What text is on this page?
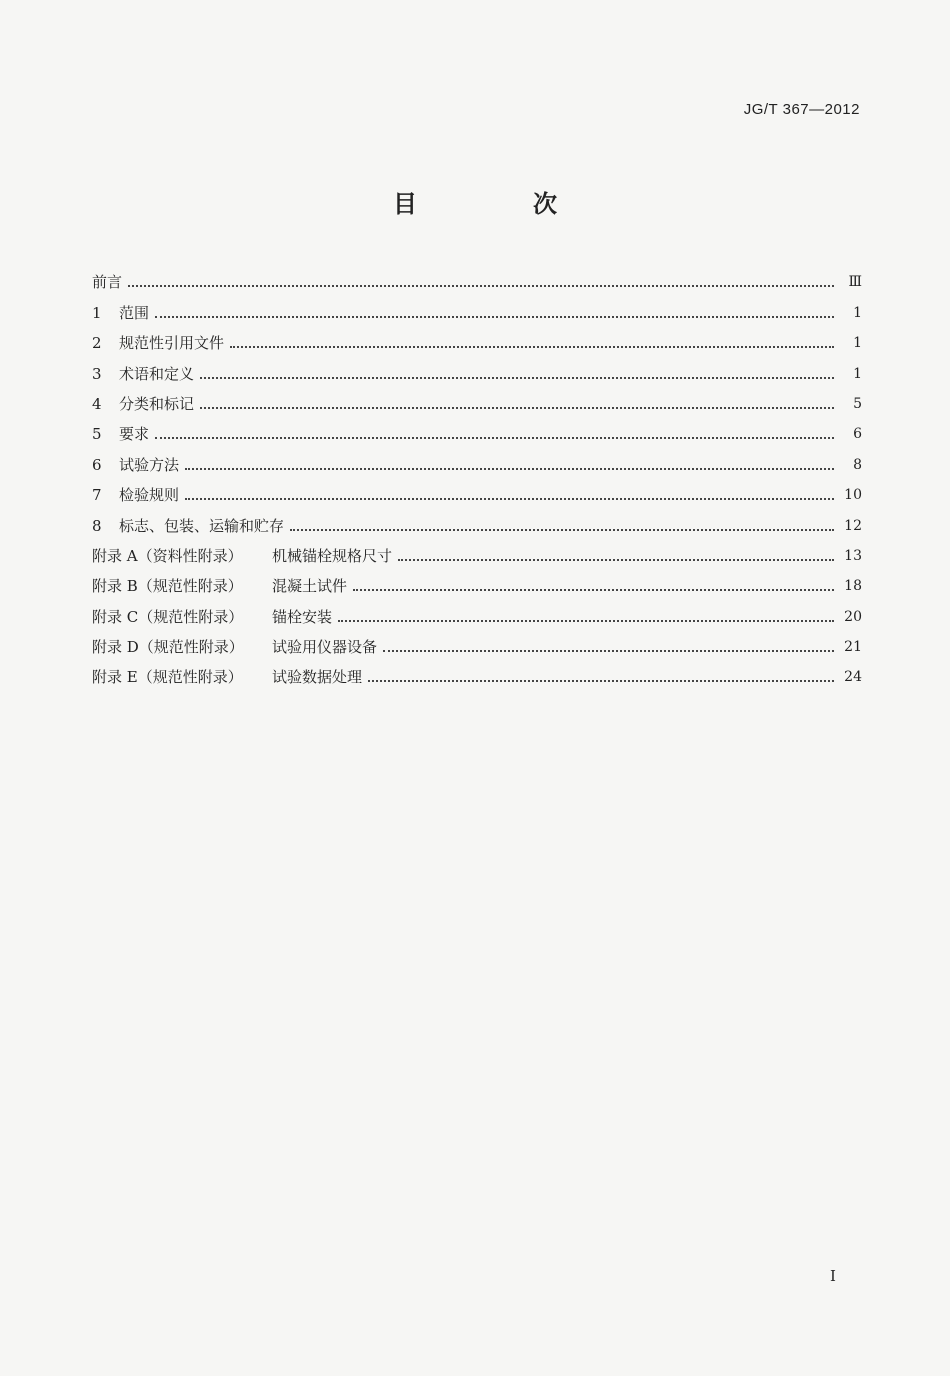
JG/T 367—2012
目　次
前言	Ⅲ
1	范围	1
2	规范性引用文件	1
3	术语和定义	1
4	分类和标记	5
5	要求	6
6	试验方法	8
7	检验规则	10
8	标志、包装、运输和贮存	12
附录 A（资料性附录）	机械锚栓规格尺寸	13
附录 B（规范性附录）	混凝土试件	18
附录 C（规范性附录）	锚栓安装	20
附录 D（规范性附录）	试验用仪器设备	21
附录 E（规范性附录）	试验数据处理	24
Ⅰ
